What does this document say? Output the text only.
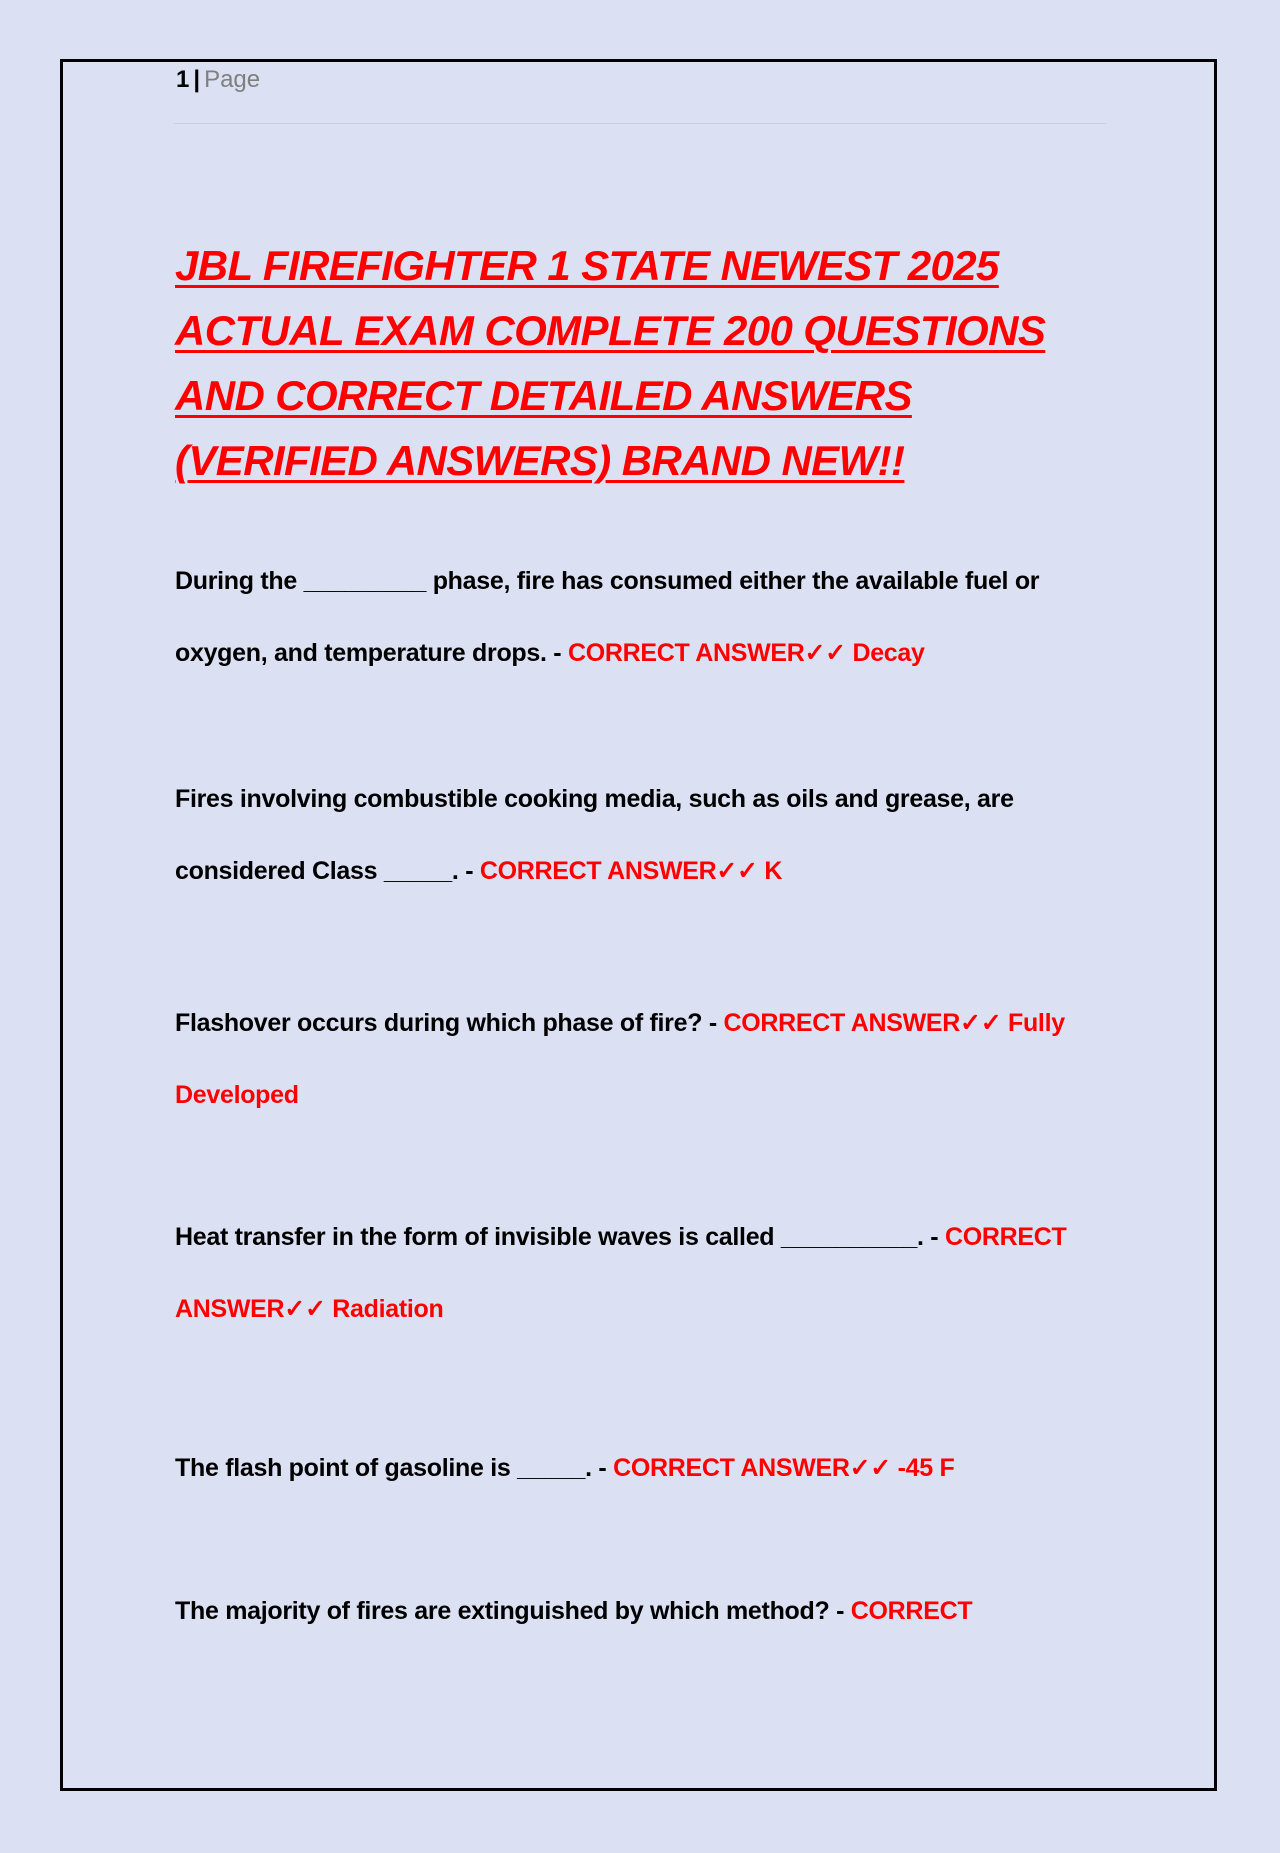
1 | Page
JBL FIREFIGHTER 1 STATE NEWEST 2025 ACTUAL EXAM COMPLETE 200 QUESTIONS AND CORRECT DETAILED ANSWERS (VERIFIED ANSWERS) BRAND NEW!!

During the _________ phase, fire has consumed either the available fuel or oxygen, and temperature drops. - CORRECT ANSWER✓✓ Decay

Fires involving combustible cooking media, such as oils and grease, are considered Class _____. - CORRECT ANSWER✓✓ K

Flashover occurs during which phase of fire? - CORRECT ANSWER✓✓ Fully Developed

Heat transfer in the form of invisible waves is called __________. - CORRECT ANSWER✓✓ Radiation

The flash point of gasoline is _____. - CORRECT ANSWER✓✓ -45 F

The majority of fires are extinguished by which method? - CORRECT
